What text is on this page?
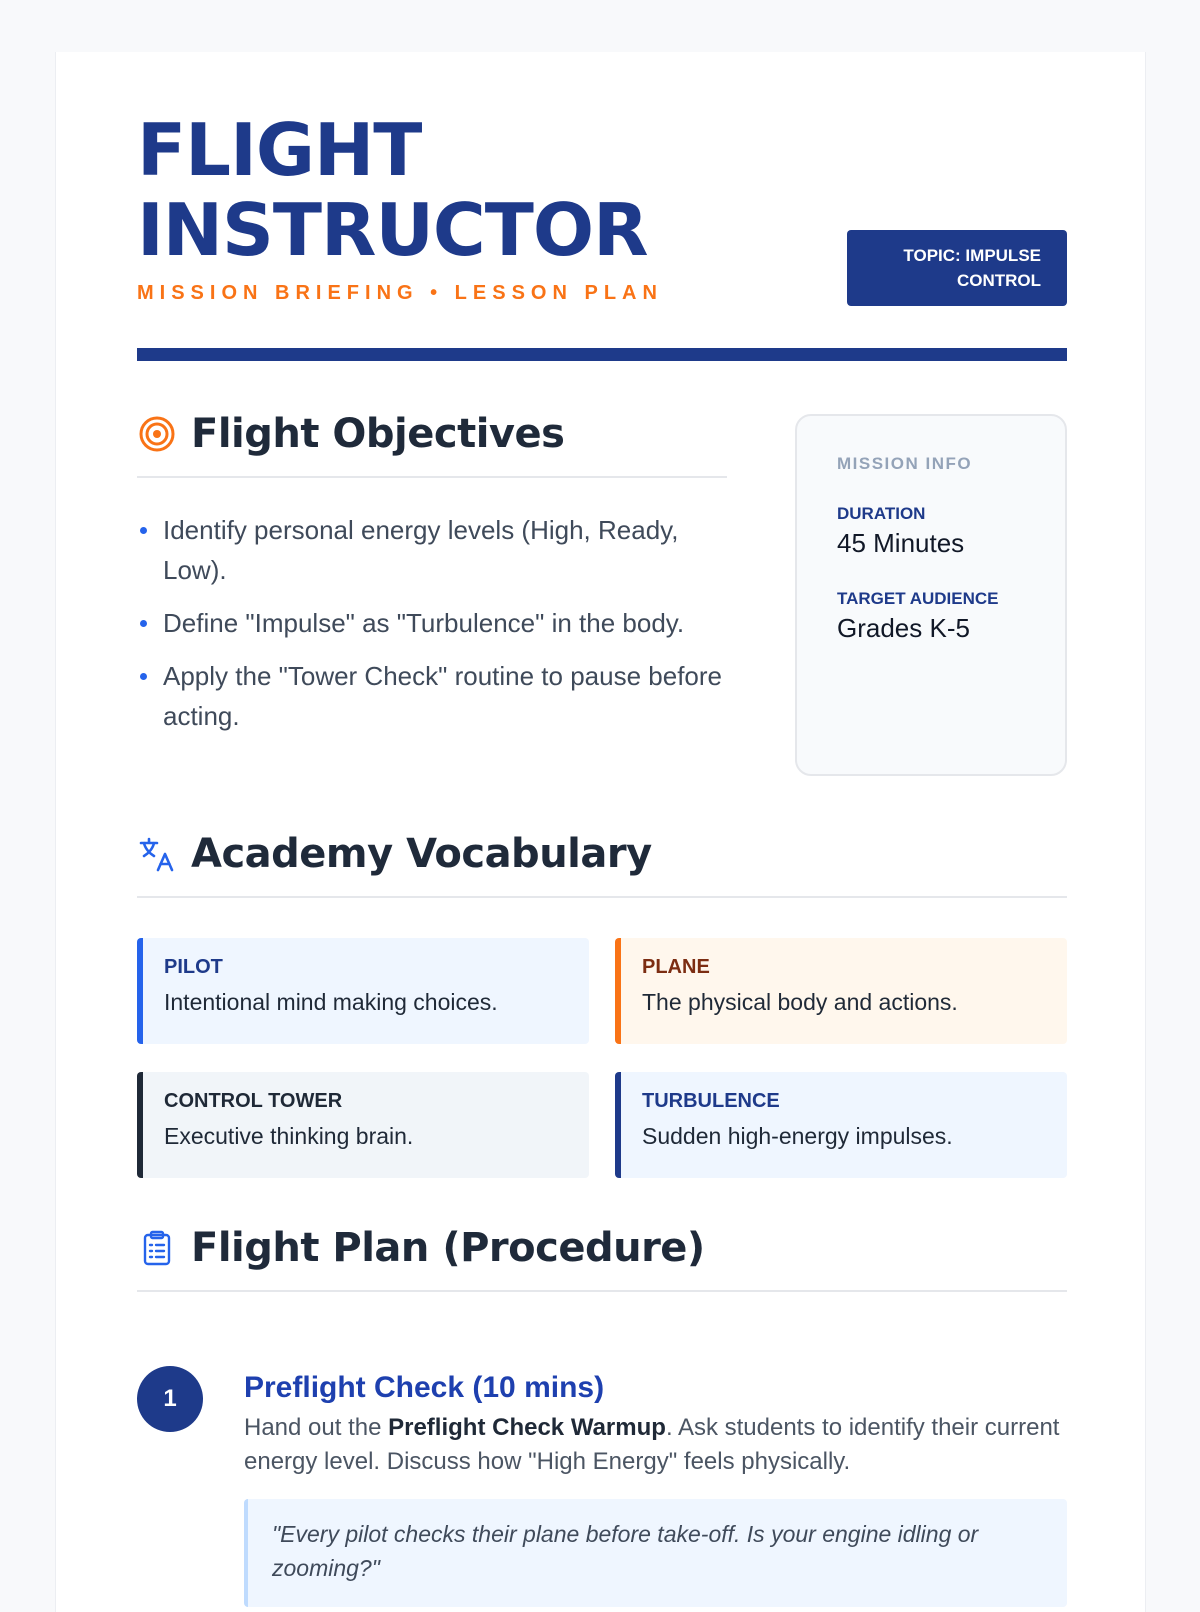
FLIGHT
INSTRUCTOR
MISSION BRIEFING • LESSON PLAN
TOPIC: IMPULSE CONTROL
Flight Objectives
Identify personal energy levels (High, Ready, Low).
Define "Impulse" as "Turbulence" in the body.
Apply the "Tower Check" routine to pause before acting.
MISSION INFO
DURATION
45 Minutes
TARGET AUDIENCE
Grades K-5
Academy Vocabulary
PILOT
Intentional mind making choices.
PLANE
The physical body and actions.
CONTROL TOWER
Executive thinking brain.
TURBULENCE
Sudden high-energy impulses.
Flight Plan (Procedure)
1	Preflight Check (10 mins)

Hand out the Preflight Check Warmup. Ask students to identify their current energy level. Discuss how "High Energy" feels physically.

"Every pilot checks their plane before take-off. Is your engine idling or zooming?"
